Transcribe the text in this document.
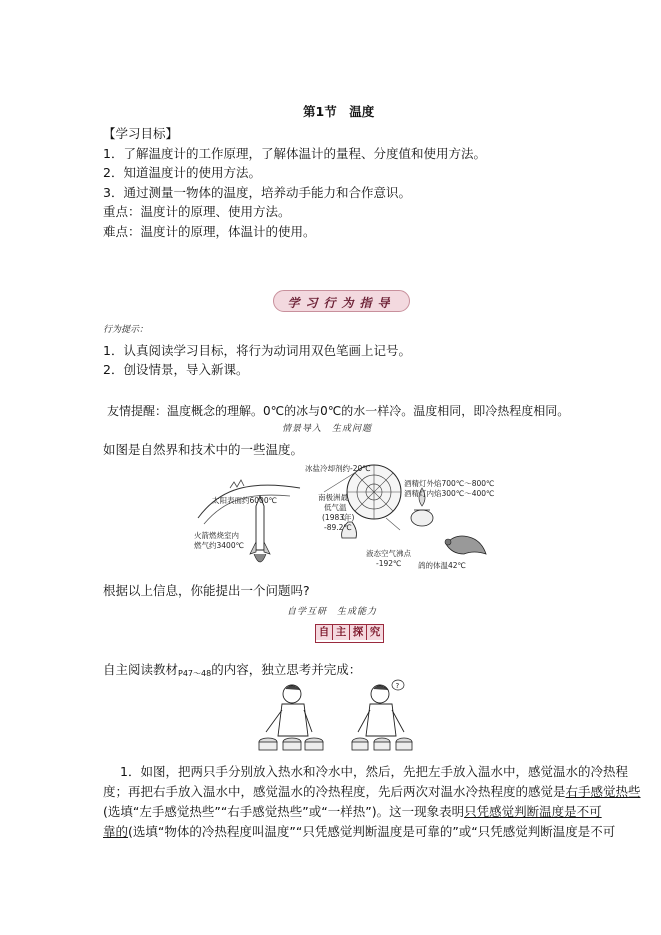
第1节　温度
【学习目标】
1．了解温度计的工作原理，了解体温计的量程、分度值和使用方法。
2．知道温度计的使用方法。
3．通过测量一物体的温度，培养动手能力和合作意识。
重点：温度计的原理、使用方法。
难点：温度计的原理，体温计的使用。
学习行为指导
行为提示：
1．认真阅读学习目标，将行为动词用双色笔画上记号。
2．创设情景，导入新课。
友情提醒：温度概念的理解。0℃的冰与0℃的水一样冷。温度相同，即冷热程度相同。
情景导入　生成问题
如图是自然界和技术中的一些温度。
冰盐冷却剂约-20℃
太阳表面约6000℃	南极洲最
低气温
(1983年)
-89.2℃
酒精灯外焰700℃～800℃
酒精灯内焰300℃～400℃
火箭燃烧室内
燃气约3400℃
液态空气沸点
-192℃ 鸽的体温42℃
根据以上信息，你能提出一个问题吗?
自学互研　生成能力
自 主 探 究
自主阅读教材P47～48的内容，独立思考并完成：
?
1．如图，把两只手分别放入热水和冷水中，然后，先把左手放入温水中，感觉温水的冷热程
度；再把右手放入温水中，感觉温水的冷热程度，先后两次对温水冷热程度的感觉是右手感觉热些
(选填“左手感觉热些”“右手感觉热些”或“一样热”)。这一现象表明只凭感觉判断温度是不可
靠的(选填“物体的冷热程度叫温度”“只凭感觉判断温度是可靠的”或“只凭感觉判断温度是不可
